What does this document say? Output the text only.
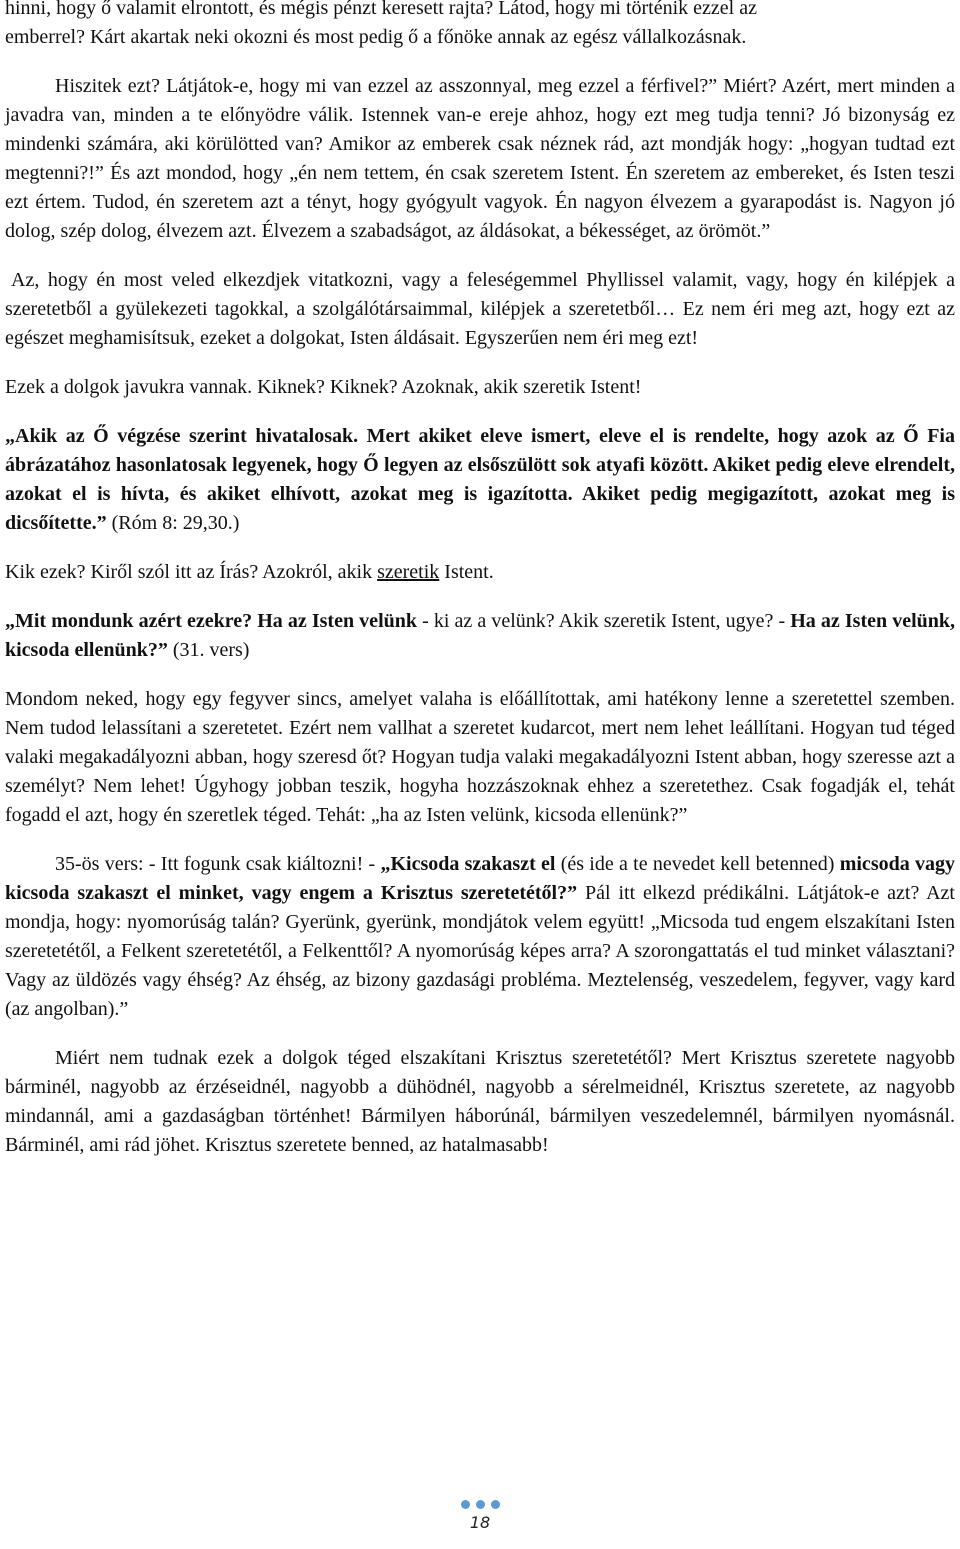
hinni, hogy ő valamit elrontott, és mégis pénzt keresett rajta? Látod, hogy mi történik ezzel az
emberrel? Kárt akartak neki okozni és most pedig ő a főnöke annak az egész vállalkozásnak.

Hiszitek ezt? Látjátok-e, hogy mi van ezzel az asszonnyal, meg ezzel a férfivel?” Miért? Azért, mert minden a javadra van, minden a te előnyödre válik. Istennek van-e ereje ahhoz, hogy ezt meg tudja tenni? Jó bizonyság ez mindenki számára, aki körülötted van? Amikor az emberek csak néznek rád, azt mondják hogy: „hogyan tudtad ezt megtenni?!” És azt mondod, hogy „én nem tettem, én csak szeretem Istent. Én szeretem az embereket, és Isten teszi ezt értem. Tudod, én szeretem azt a tényt, hogy gyógyult vagyok. Én nagyon élvezem a gyarapodást is. Nagyon jó dolog, szép dolog, élvezem azt. Élvezem a szabadságot, az áldásokat, a békességet, az örömöt.”

Az, hogy én most veled elkezdjek vitatkozni, vagy a feleségemmel Phyllissel valamit, vagy, hogy én kilépjek a szeretetből a gyülekezeti tagokkal, a szolgálótársaimmal, kilépjek a szeretetből… Ez nem éri meg azt, hogy ezt az egészet meghamisítsuk, ezeket a dolgokat, Isten áldásait. Egyszerűen nem éri meg ezt!

Ezek a dolgok javukra vannak. Kiknek? Kiknek? Azoknak, akik szeretik Istent!

„Akik az Ő végzése szerint hivatalosak. Mert akiket eleve ismert, eleve el is rendelte, hogy azok az Ő Fia ábrázatához hasonlatosak legyenek, hogy Ő legyen az elsőszülött sok atyafi között. Akiket pedig eleve elrendelt, azokat el is hívta, és akiket elhívott, azokat meg is igazította. Akiket pedig megigazított, azokat meg is dicsőítette.” (Róm 8: 29,30.)

Kik ezek? Kiről szól itt az Írás? Azokról, akik szeretik Istent.

„Mit mondunk azért ezekre? Ha az Isten velünk - ki az a velünk? Akik szeretik Istent, ugye? - Ha az Isten velünk, kicsoda ellenünk?” (31. vers)

Mondom neked, hogy egy fegyver sincs, amelyet valaha is előállítottak, ami hatékony lenne a szeretettel szemben. Nem tudod lelassítani a szeretetet. Ezért nem vallhat a szeretet kudarcot, mert nem lehet leállítani. Hogyan tud téged valaki megakadályozni abban, hogy szeresd őt? Hogyan tudja valaki megakadályozni Istent abban, hogy szeresse azt a személyt? Nem lehet! Úgyhogy jobban teszik, hogyha hozzászoknak ehhez a szeretethez. Csak fogadják el, tehát fogadd el azt, hogy én szeretlek téged. Tehát: „ha az Isten velünk, kicsoda ellenünk?”

35-ös vers: - Itt fogunk csak kiáltozni! - „Kicsoda szakaszt el (és ide a te nevedet kell betenned) micsoda vagy kicsoda szakaszt el minket, vagy engem a Krisztus szeretetétől?” Pál itt elkezd prédikálni. Látjátok-e azt? Azt mondja, hogy: nyomorúság talán? Gyerünk, gyerünk, mondjátok velem együtt! „Micsoda tud engem elszakítani Isten szeretetétől, a Felkent szeretetétől, a Felkenttől? A nyomorúság képes arra? A szorongattatás el tud minket választani? Vagy az üldözés vagy éhség? Az éhség, az bizony gazdasági probléma. Meztelenség, veszedelem, fegyver, vagy kard (az angolban).”

Miért nem tudnak ezek a dolgok téged elszakítani Krisztus szeretetétől? Mert Krisztus szeretete nagyobb bárminél, nagyobb az érzéseidnél, nagyobb a dühödnél, nagyobb a sérelmeidnél, Krisztus szeretete, az nagyobb mindannál, ami a gazdaságban történhet! Bármilyen háborúnál, bármilyen veszedelemnél, bármilyen nyomásnál. Bárminél, ami rád jöhet. Krisztus szeretete benned, az hatalmasabb!

18
